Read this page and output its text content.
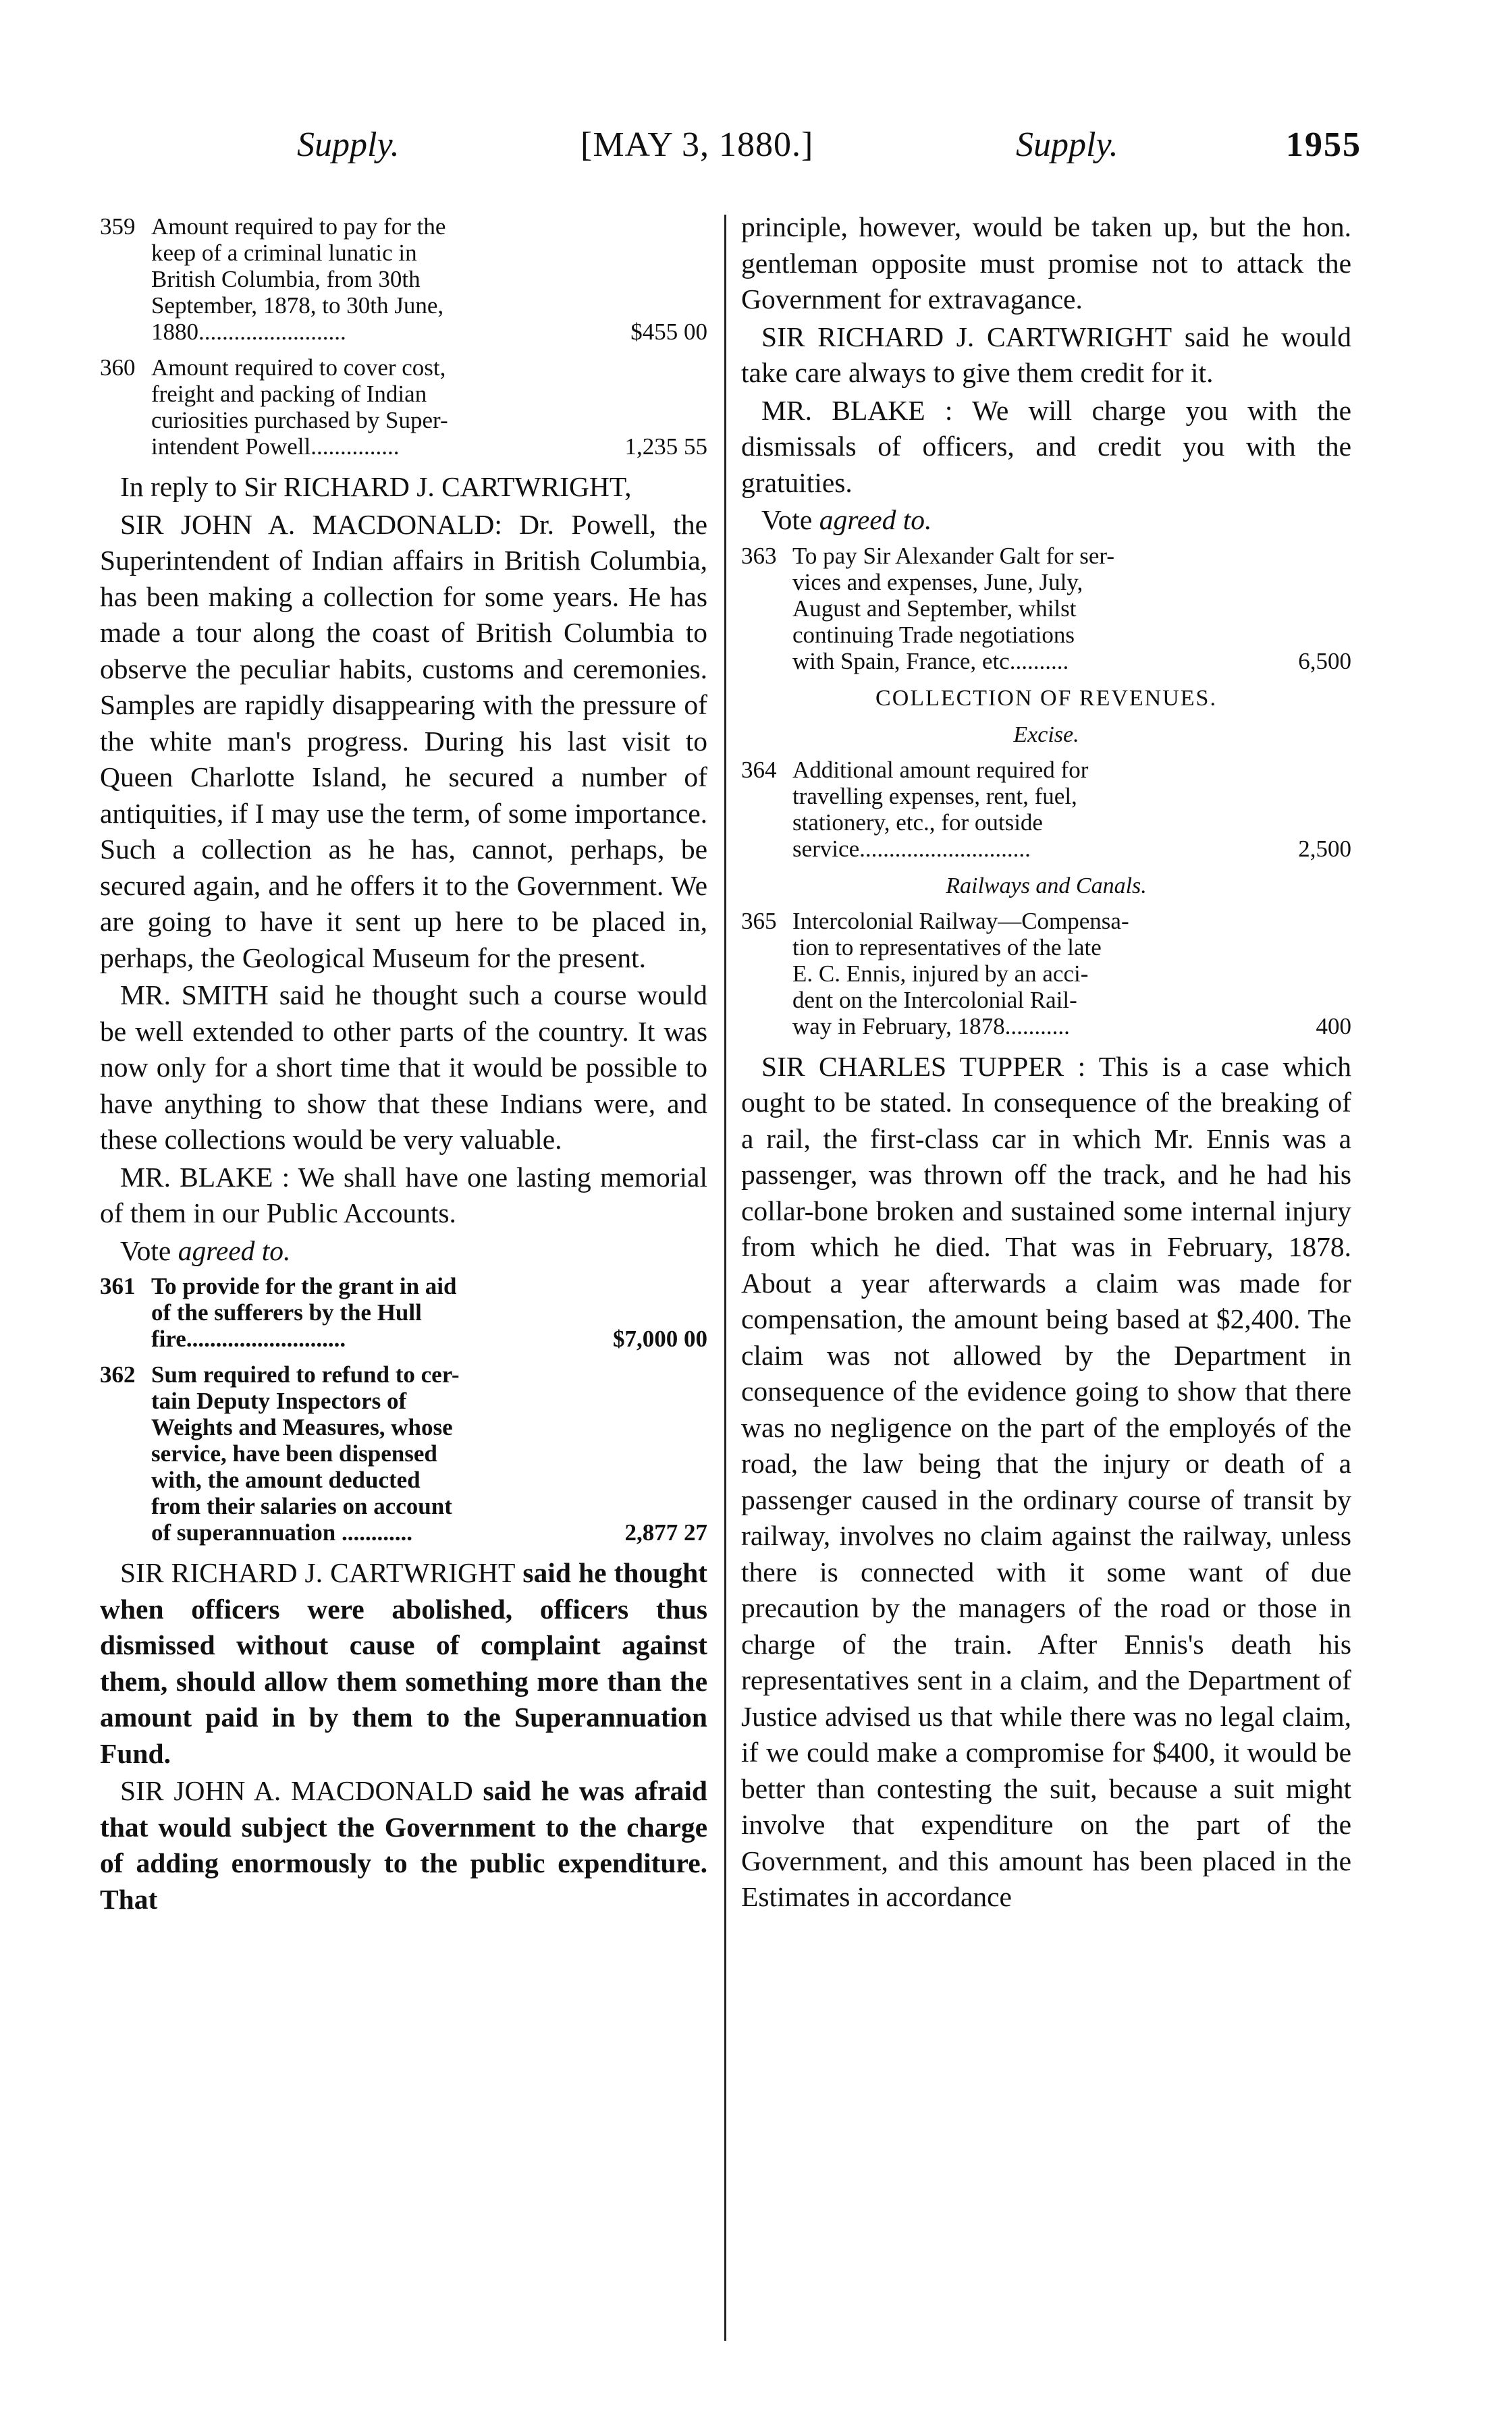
Supply.	[MAY 3, 1880.]	Supply.	1955
359 Amount required to pay for the
keep of a criminal lunatic in
British Columbia, from 30th
September, 1878, to 30th June,
1880.........................	$455 00
360 Amount required to cover cost,
freight and packing of Indian
curiosities purchased by Super-
intendent Powell...............	1,235 55

In reply to Sir RICHARD J. CARTWRIGHT,

SIR JOHN A. MACDONALD: Dr. Powell, the Superintendent of Indian affairs in British Columbia, has been making a collection for some years. He has made a tour along the coast of British Columbia to observe the peculiar habits, customs and ceremonies. Samples are rapidly disappearing with the pressure of the white man's progress. During his last visit to Queen Charlotte Island, he secured a number of antiquities, if I may use the term, of some importance. Such a collection as he has, cannot, perhaps, be secured again, and he offers it to the Government. We are going to have it sent up here to be placed in, perhaps, the Geological Museum for the present.

MR. SMITH said he thought such a course would be well extended to other parts of the country. It was now only for a short time that it would be possible to have anything to show that these Indians were, and these collections would be very valuable.

MR. BLAKE : We shall have one lasting memorial of them in our Public Accounts.

Vote agreed to.

361 To provide for the grant in aid
of the sufferers by the Hull
fire...........................	$7,000 00
362 Sum required to refund to cer-
tain Deputy Inspectors of
Weights and Measures, whose
service, have been dispensed
with, the amount deducted
from their salaries on account
of superannuation ............	2,877 27

SIR RICHARD J. CARTWRIGHT said he thought when officers were abolished, officers thus dismissed without cause of complaint against them, should allow them something more than the amount paid in by them to the Superannuation Fund.

SIR JOHN A. MACDONALD said he was afraid that would subject the Government to the charge of adding enormously to the public expenditure. That

principle, however, would be taken up, but the hon. gentleman opposite must promise not to attack the Government for extravagance.

SIR RICHARD J. CARTWRIGHT said he would take care always to give them credit for it.

MR. BLAKE : We will charge you with the dismissals of officers, and credit you with the gratuities.

Vote agreed to.

363 To pay Sir Alexander Galt for ser-
vices and expenses, June, July,
August and September, whilst
continuing Trade negotiations
with Spain, France, etc..........	6,500
COLLECTION OF REVENUES.
Excise.
364 Additional amount required for
travelling expenses, rent, fuel,
stationery, etc., for outside
service.............................	2,500
Railways and Canals.
365 Intercolonial Railway—Compensa-
tion to representatives of the late
E. C. Ennis, injured by an acci-
dent on the Intercolonial Rail-
way in February, 1878...........	400

SIR CHARLES TUPPER : This is a case which ought to be stated. In consequence of the breaking of a rail, the first-class car in which Mr. Ennis was a passenger, was thrown off the track, and he had his collar-bone broken and sustained some internal injury from which he died. That was in February, 1878. About a year afterwards a claim was made for compensation, the amount being based at $2,400. The claim was not allowed by the Department in consequence of the evidence going to show that there was no negligence on the part of the employés of the road, the law being that the injury or death of a passenger caused in the ordinary course of transit by railway, involves no claim against the railway, unless there is connected with it some want of due precaution by the managers of the road or those in charge of the train. After Ennis's death his representatives sent in a claim, and the Department of Justice advised us that while there was no legal claim, if we could make a compromise for $400, it would be better than contesting the suit, because a suit might involve that expenditure on the part of the Government, and this amount has been placed in the Estimates in accordance
